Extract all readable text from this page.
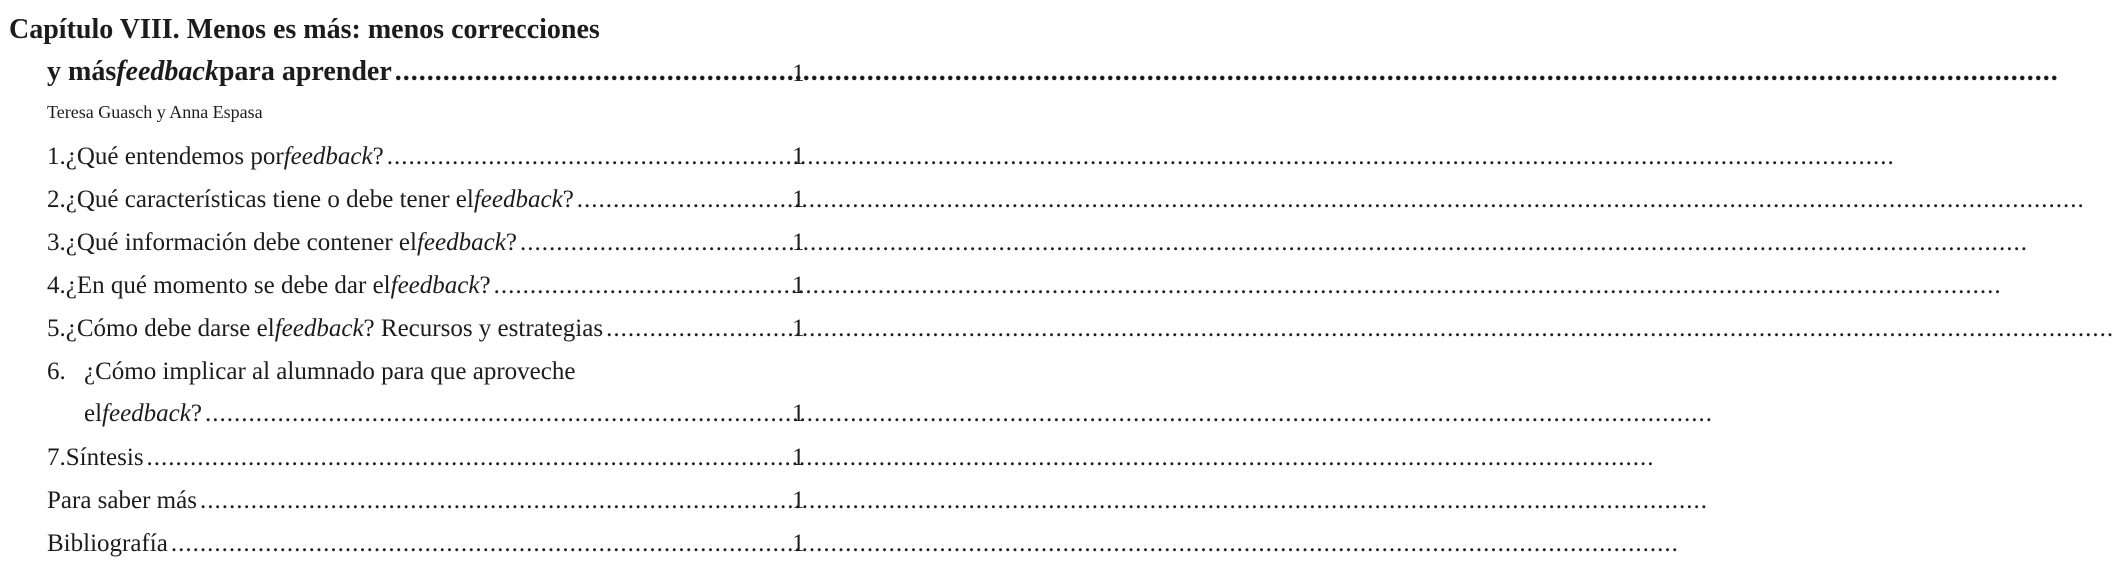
Capítulo VIII. Menos es más: menos correcciones
y más feedback para aprender .....	1
Teresa Guasch y Anna Espasa
1. ¿Qué entendemos por feedback ? .....	1
2. ¿Qué características tiene o debe tener el feedback ? .....	1
3. ¿Qué información debe contener el feedback ? .....	1
4. ¿En qué momento se debe dar el feedback ? .....	1
5. ¿Cómo debe darse el feedback ? Recursos y estrategias .....	1
6. ¿Cómo implicar al alumnado para que aproveche
el feedback ? .....	1
7. Síntesis .....	1
Para saber más .....	1
Bibliografía .....	1
